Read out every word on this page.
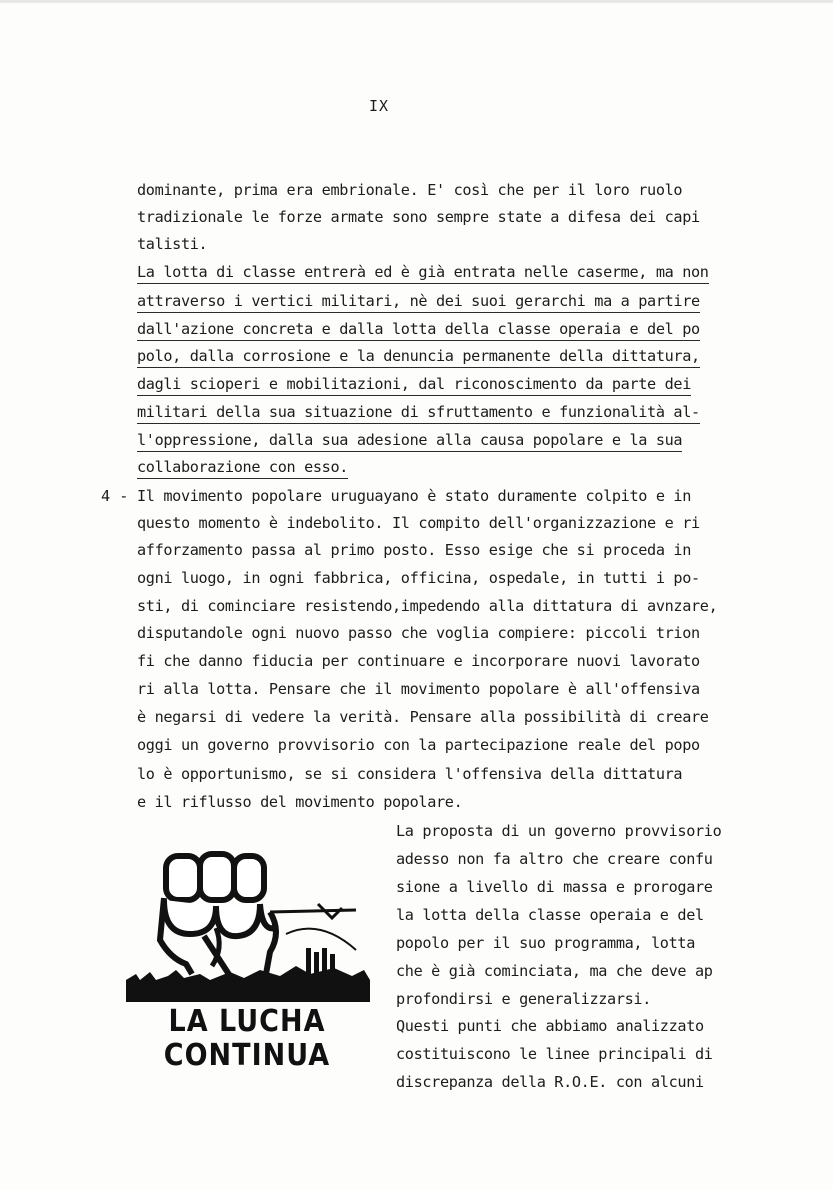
IX
dominante, prima era embrionale. E' così che per il loro ruolo
tradizionale le forze armate sono sempre state a difesa dei capi
talisti.
La lotta di classe entrerà ed è già entrata nelle caserme, ma non
attraverso i vertici militari, nè dei suoi gerarchi ma a partire
dall'azione concreta e dalla lotta della classe operaia e del po
polo, dalla corrosione e la denuncia permanente della dittatura,
dagli scioperi e mobilitazioni, dal riconoscimento da parte dei
militari della sua situazione di sfruttamento e funzionalità al-
l'oppressione, dalla sua adesione alla causa popolare e la sua
collaborazione con esso.
4 - Il movimento popolare uruguayano è stato duramente colpito e in
questo momento è indebolito. Il compito dell'organizzazione e ri
afforzamento passa al primo posto. Esso esige che si proceda in
ogni luogo, in ogni fabbrica, officina, ospedale, in tutti i po-
sti, di cominciare resistendo,impedendo alla dittatura di avnzare,
disputandole ogni nuovo passo che voglia compiere: piccoli trion
fi che danno fiducia per continuare e incorporare nuovi lavorato
ri alla lotta. Pensare che il movimento popolare è all'offensiva
è negarsi di vedere la verità. Pensare alla possibilità di creare
oggi un governo provvisorio con la partecipazione reale del popo
lo è opportunismo, se si considera l'offensiva della dittatura
e il riflusso del movimento popolare.
La proposta di un governo provvisorio
adesso non fa altro che creare confu
sione a livello di massa e prorogare
la lotta della classe operaia e del
popolo per il suo programma, lotta
che è già cominciata, ma che deve ap
profondirsi e generalizzarsi.
Questi punti che abbiamo analizzato
costituiscono le linee principali di
discrepanza della R.O.E. con alcuni
LA LUCHA
CONTINUA
